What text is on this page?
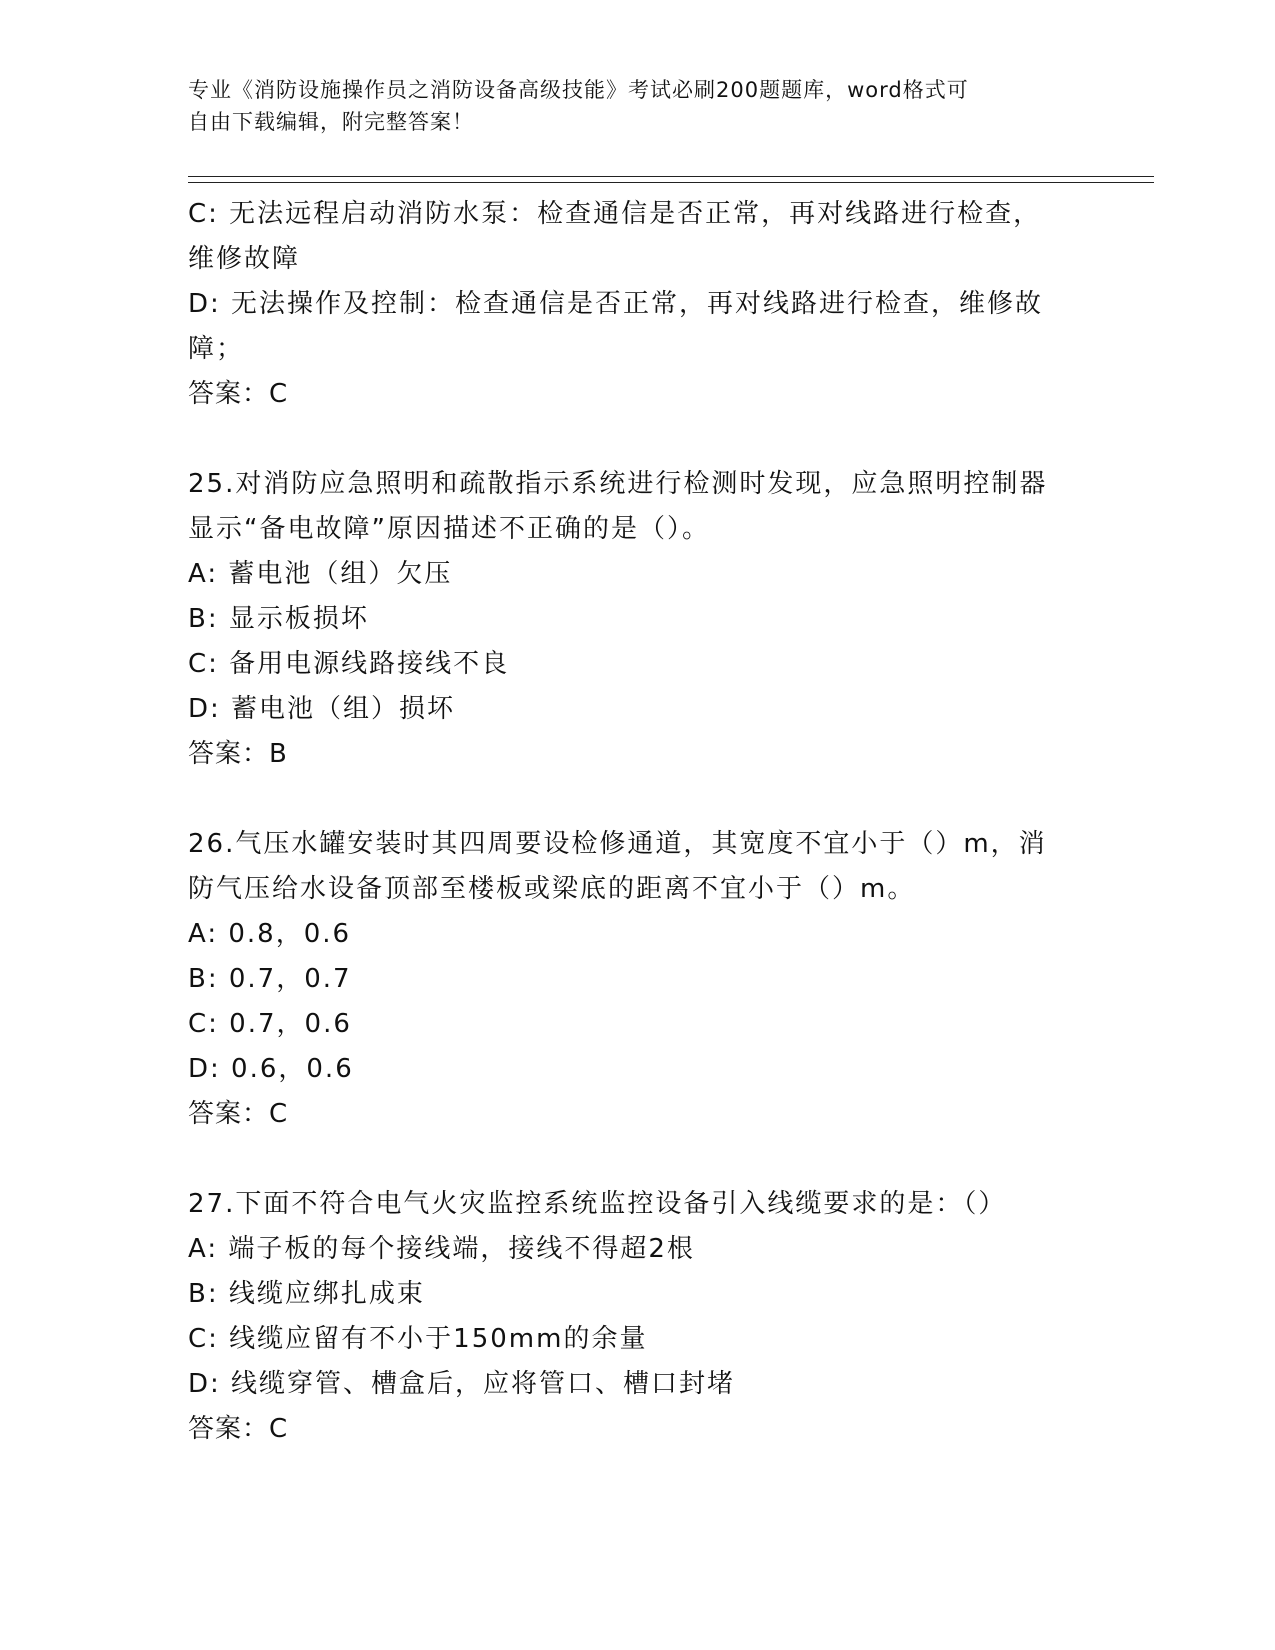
专业《消防设施操作员之消防设备高级技能》考试必刷200题题库，word格式可
自由下载编辑，附完整答案！
C: 无法远程启动消防水泵：检查通信是否正常，再对线路进行检查，
维修故障
D: 无法操作及控制：检查通信是否正常，再对线路进行检查，维修故
障；
答案：C
25.对消防应急照明和疏散指示系统进行检测时发现，应急照明控制器
显示“备电故障”原因描述不正确的是（）。
A: 蓄电池（组）欠压
B: 显示板损坏
C: 备用电源线路接线不良
D: 蓄电池（组）损坏
答案：B
26.气压水罐安装时其四周要设检修通道，其宽度不宜小于（）m，消
防气压给水设备顶部至楼板或梁底的距离不宜小于（）m。
A: 0.8，0.6
B: 0.7，0.7
C: 0.7，0.6
D: 0.6，0.6
答案：C
27.下面不符合电气火灾监控系统监控设备引入线缆要求的是：（）
A: 端子板的每个接线端，接线不得超2根
B: 线缆应绑扎成束
C: 线缆应留有不小于150mm的余量
D: 线缆穿管、槽盒后，应将管口、槽口封堵
答案：C
